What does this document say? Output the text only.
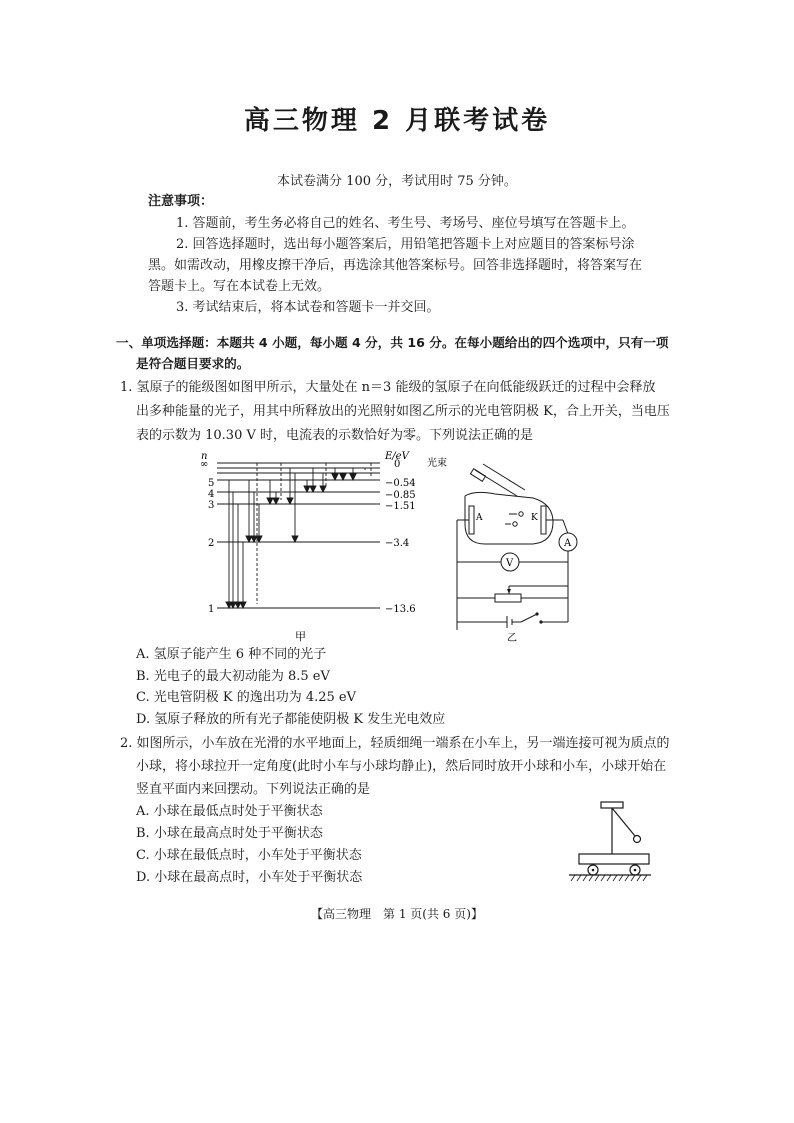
高三物理 2 月联考试卷
本试卷满分 100 分，考试用时 75 分钟。
注意事项：
1. 答题前，考生务必将自己的姓名、考生号、考场号、座位号填写在答题卡上。
2. 回答选择题时，选出每小题答案后，用铅笔把答题卡上对应题目的答案标号涂
黑。如需改动，用橡皮擦干净后，再选涂其他答案标号。回答非选择题时，将答案写在
答题卡上。写在本试卷上无效。
3. 考试结束后，将本试卷和答题卡一并交回。
一、单项选择题：本题共 4 小题，每小题 4 分，共 16 分。在每小题给出的四个选项中，只有一项
是符合题目要求的。
1. 氢原子的能级图如图甲所示，大量处在 n＝3 能级的氢原子在向低能级跃迁的过程中会释放
出多种能量的光子，用其中所释放出的光照射如图乙所示的光电管阴极 K，合上开关，当电压
表的示数为 10.30 V 时，电流表的示数恰好为零。下列说法正确的是
n	E/eV
∞	0
5	−0.54
4	−0.85
3	−1.51
2	−3.4
1	−13.6
甲
光束
A	K
V
A
乙
A. 氢原子能产生 6 种不同的光子
B. 光电子的最大初动能为 8.5 eV
C. 光电管阴极 K 的逸出功为 4.25 eV
D. 氢原子释放的所有光子都能使阴极 K 发生光电效应
2. 如图所示，小车放在光滑的水平地面上，轻质细绳一端系在小车上，另一端连接可视为质点的
小球，将小球拉开一定角度(此时小车与小球均静止)，然后同时放开小球和小车，小球开始在
竖直平面内来回摆动。下列说法正确的是
A. 小球在最低点时处于平衡状态
B. 小球在最高点时处于平衡状态
C. 小球在最低点时，小车处于平衡状态
D. 小球在最高点时，小车处于平衡状态
【高三物理　第 1 页(共 6 页)】
